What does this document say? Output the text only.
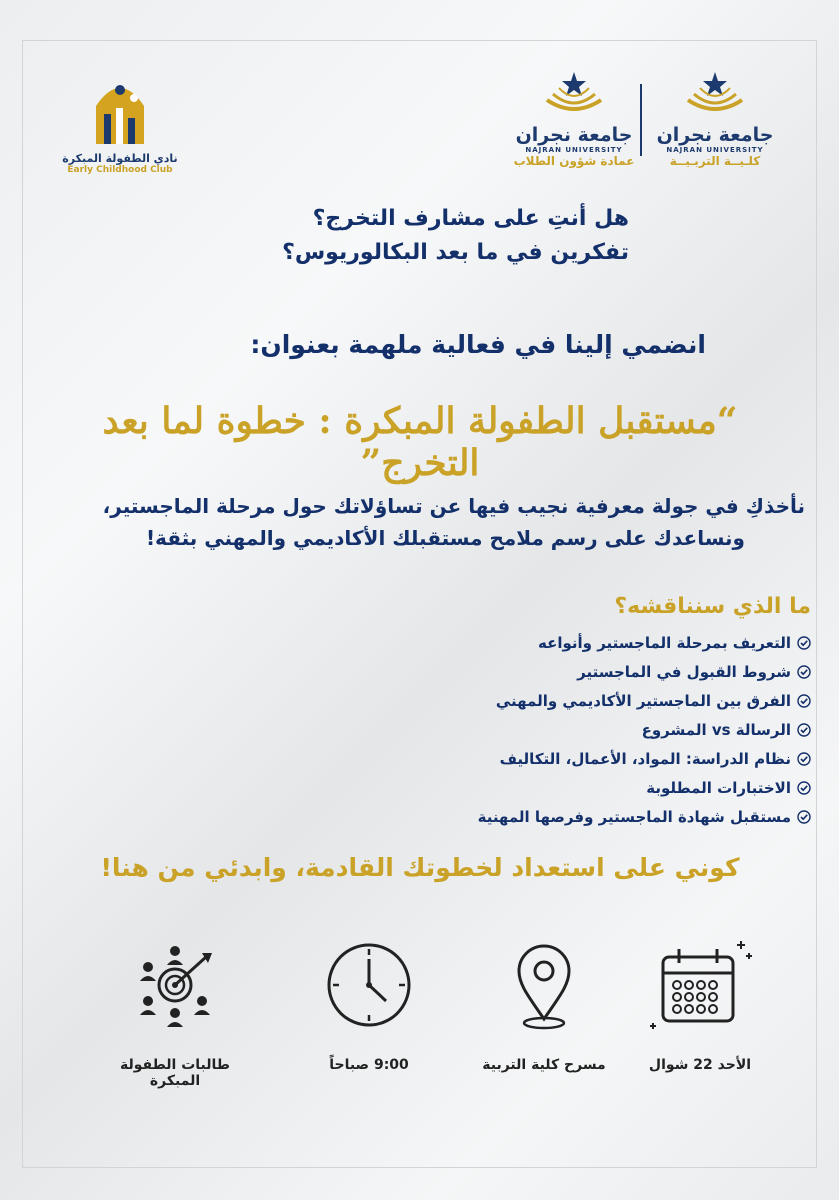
جامعة نجران
NAJRAN UNIVERSITY
كلـيــة التربـيــة
جامعة نجران
NAJRAN UNIVERSITY
عمادة شؤون الطلاب
نادي الطفولة المبكرة
Early Childhood Club
هل أنتِ على مشارف التخرج؟
تفكرين في ما بعد البكالوريوس؟
انضمي إلينا في فعالية ملهمة بعنوان:
“مستقبل الطفولة المبكرة : خطوة لما بعد التخرج”
نأخذكِ في جولة معرفية نجيب فيها عن تساؤلاتك حول مرحلة الماجستير،
ونساعدك على رسم ملامح مستقبلك الأكاديمي والمهني بثقة!
ما الذي سنناقشه؟
التعريف بمرحلة الماجستير وأنواعه
شروط القبول في الماجستير
الفرق بين الماجستير الأكاديمي والمهني
الرسالة vs المشروع
نظام الدراسة: المواد، الأعمال، التكاليف
الاختبارات المطلوبة
مستقبل شهادة الماجستير وفرصها المهنية
كوني على استعداد لخطوتك القادمة، وابدئي من هنا!
الأحد 22 شوال
مسرح كلية التربية
9:00 صباحاً
طالبات الطفولة المبكرة
